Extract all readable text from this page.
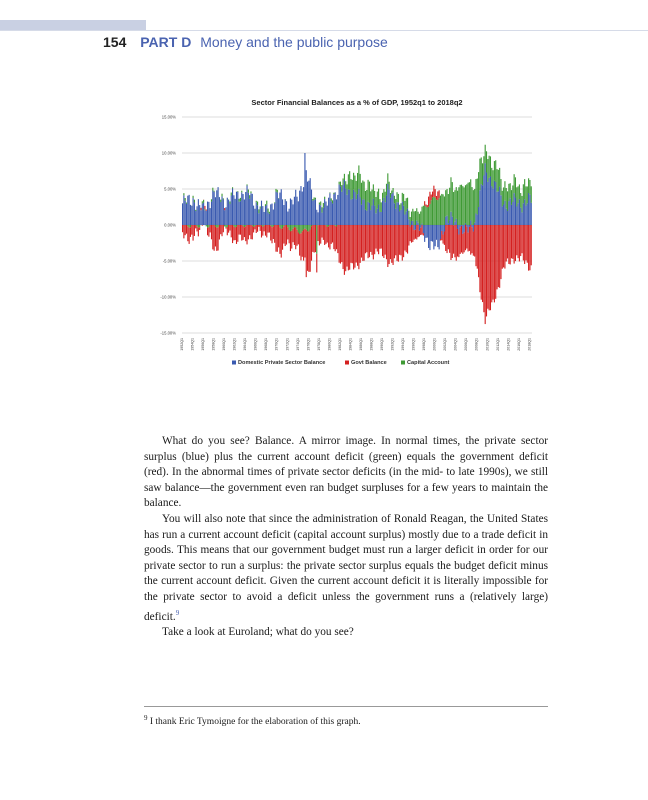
154 PART D Money and the public purpose
Sector Financial Balances as a % of GDP, 1952q1 to 2018q2
15.00%
10.00%
5.00%
0.00%
-5.00%
-10.00%
-15.00%
1952Q1 1954Q1 1956Q1 1958Q1 1960Q1 1962Q1 1964Q1 1966Q1 1968Q1 1970Q1 1972Q1 1974Q1 1976Q1 1978Q1 1980Q1 1982Q1 1984Q1 1986Q1 1988Q1 1990Q1 1992Q1 1994Q1 1996Q1 1998Q1 2000Q1 2002Q1 2004Q1 2006Q1 2008Q1 2010Q1 2012Q1 2014Q1 2016Q1 2018Q1
Domestic Private Sector Balance	Govt Balance	Capital Account

What do you see? Balance. A mirror image. In normal times, the private sector surplus (blue) plus the current account deficit (green) equals the government deficit (red). In the abnormal times of private sector deficits (in the mid- to late 1990s), we still saw balance—the government even ran budget surpluses for a few years to maintain the balance.

You will also note that since the administration of Ronald Reagan, the United States has run a current account deficit (capital account surplus) mostly due to a trade deficit in goods. This means that our government budget must run a larger deficit in order for our private sector to run a surplus: the private sector surplus equals the budget deficit minus the current account deficit. Given the current account deficit it is literally impossible for the private sector to avoid a deficit unless the government runs a (relatively large) deficit.$^9$

Take a look at Euroland; what do you see?

$^9$ I thank Eric Tymoigne for the elaboration of this graph.
